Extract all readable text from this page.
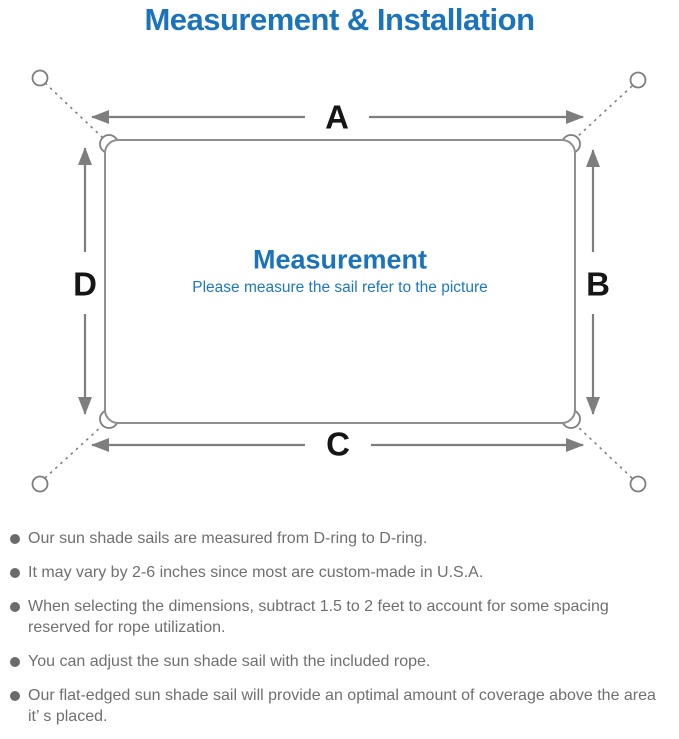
Measurement & Installation
A
B
C
D
Measurement
Please measure the sail refer to the picture
Our sun shade sails are measured from D-ring to D-ring.
It may vary by 2-6 inches since most are custom-made in U.S.A.
When selecting the dimensions, subtract 1.5 to 2 feet to account for some spacing reserved for rope utilization.
You can adjust the sun shade sail with the included rope.
Our flat-edged sun shade sail will provide an optimal amount of coverage above the area it’ s placed.
